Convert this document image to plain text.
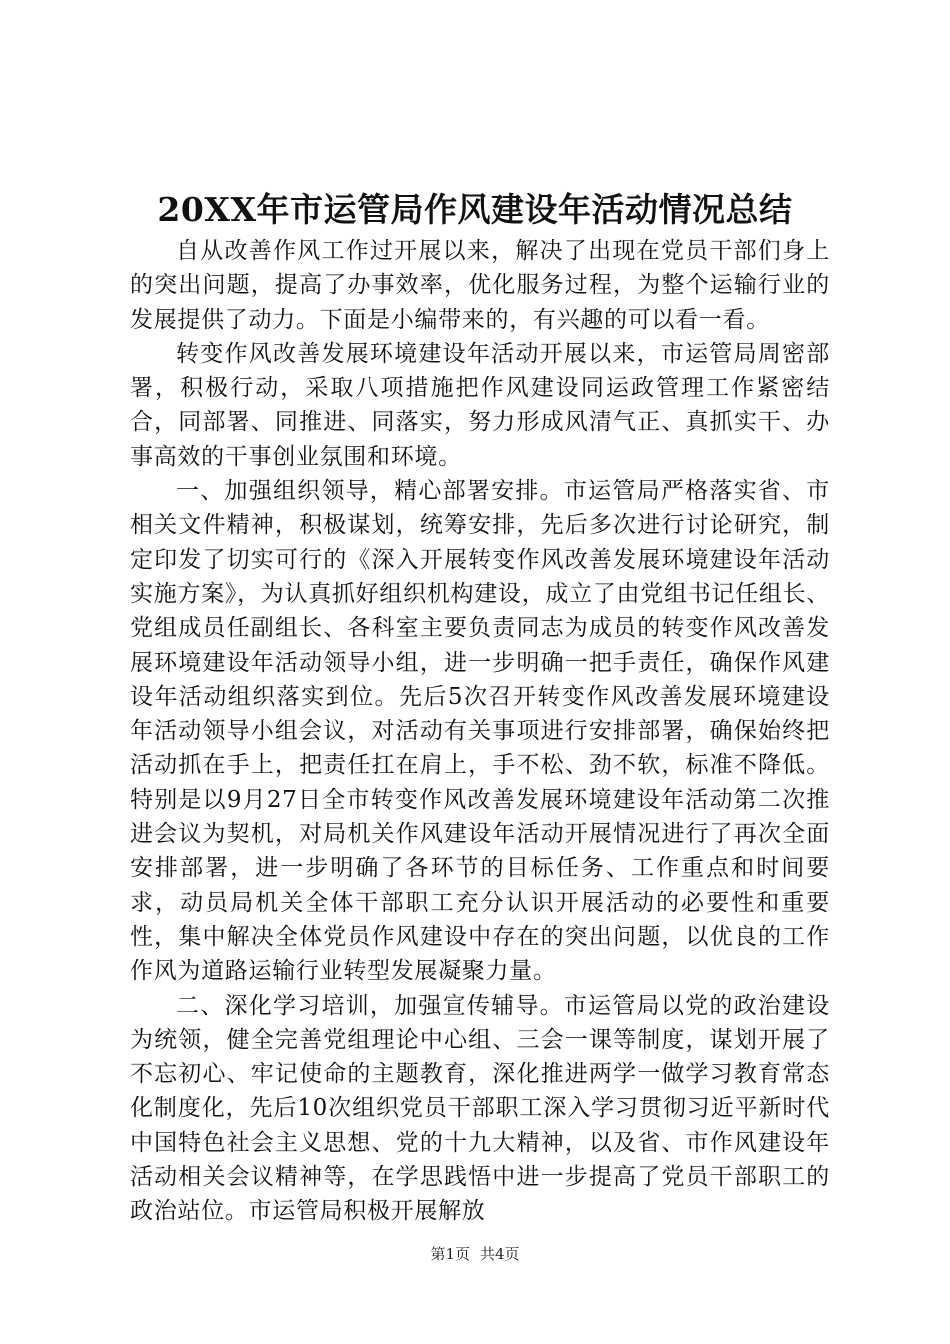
20XX年市运管局作风建设年活动情况总结

自从改善作风工作过开展以来，解决了出现在党员干部们身上的突出问题，提高了办事效率，优化服务过程，为整个运输行业的发展提供了动力。下面是小编带来的，有兴趣的可以看一看。

转变作风改善发展环境建设年活动开展以来，市运管局周密部署，积极行动，采取八项措施把作风建设同运政管理工作紧密结合，同部署、同推进、同落实，努力形成风清气正、真抓实干、办事高效的干事创业氛围和环境。

一、加强组织领导，精心部署安排。市运管局严格落实省、市相关文件精神，积极谋划，统筹安排，先后多次进行讨论研究，制定印发了切实可行的《深入开展转变作风改善发展环境建设年活动实施方案》，为认真抓好组织机构建设，成立了由党组书记任组长、党组成员任副组长、各科室主要负责同志为成员的转变作风改善发展环境建设年活动领导小组，进一步明确一把手责任，确保作风建设年活动组织落实到位。先后5次召开转变作风改善发展环境建设年活动领导小组会议，对活动有关事项进行安排部署，确保始终把活动抓在手上，把责任扛在肩上，手不松、劲不软，标准不降低。特别是以9月27日全市转变作风改善发展环境建设年活动第二次推进会议为契机，对局机关作风建设年活动开展情况进行了再次全面安排部署，进一步明确了各环节的目标任务、工作重点和时间要求，动员局机关全体干部职工充分认识开展活动的必要性和重要性，集中解决全体党员作风建设中存在的突出问题，以优良的工作作风为道路运输行业转型发展凝聚力量。

二、深化学习培训，加强宣传辅导。市运管局以党的政治建设为统领，健全完善党组理论中心组、三会一课等制度，谋划开展了不忘初心、牢记使命的主题教育，深化推进两学一做学习教育常态化制度化，先后10次组织党员干部职工深入学习贯彻习近平新时代中国特色社会主义思想、党的十九大精神，以及省、市作风建设年活动相关会议精神等，在学思践悟中进一步提高了党员干部职工的政治站位。市运管局积极开展解放

第1页 共4页
